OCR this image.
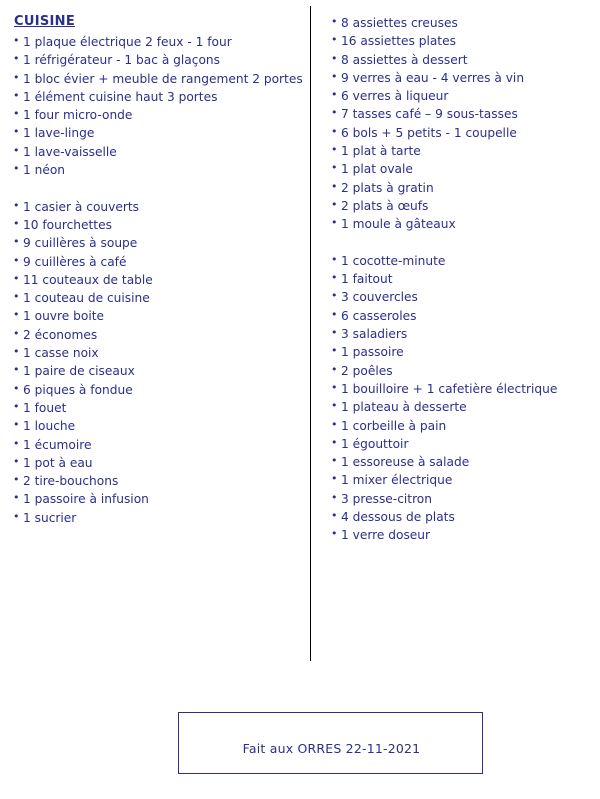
CUISINE
• 1 plaque électrique 2 feux - 1 four
• 1 réfrigérateur - 1 bac à glaçons
• 1 bloc évier + meuble de rangement 2 portes
• 1 élément cuisine haut 3 portes
• 1 four micro-onde
• 1 lave-linge
• 1 lave-vaisselle
• 1 néon
• 1 casier à couverts
• 10 fourchettes
• 9 cuillères à soupe
• 9 cuillères à café
• 11 couteaux de table
• 1 couteau de cuisine
• 1 ouvre boite
• 2 économes
• 1 casse noix
• 1 paire de ciseaux
• 6 piques à fondue
• 1 fouet
• 1 louche
• 1 écumoire
• 1 pot à eau
• 2 tire-bouchons
• 1 passoire à infusion
• 1 sucrier
• 8 assiettes creuses
• 16 assiettes plates
• 8 assiettes à dessert
• 9 verres à eau - 4 verres à vin
• 6 verres à liqueur
• 7 tasses café – 9 sous-tasses
• 6 bols + 5 petits - 1 coupelle
• 1 plat à tarte
• 1 plat ovale
• 2 plats à gratin
• 2 plats à œufs
• 1 moule à gâteaux
• 1 cocotte-minute
• 1 faitout
• 3 couvercles
• 6 casseroles
• 3 saladiers
• 1 passoire
• 2 poêles
• 1 bouilloire + 1 cafetière électrique
• 1 plateau à desserte
• 1 corbeille à pain
• 1 égouttoir
• 1 essoreuse à salade
• 1 mixer électrique
• 3 presse-citron
• 4 dessous de plats
• 1 verre doseur
Fait aux ORRES 22-11-2021
